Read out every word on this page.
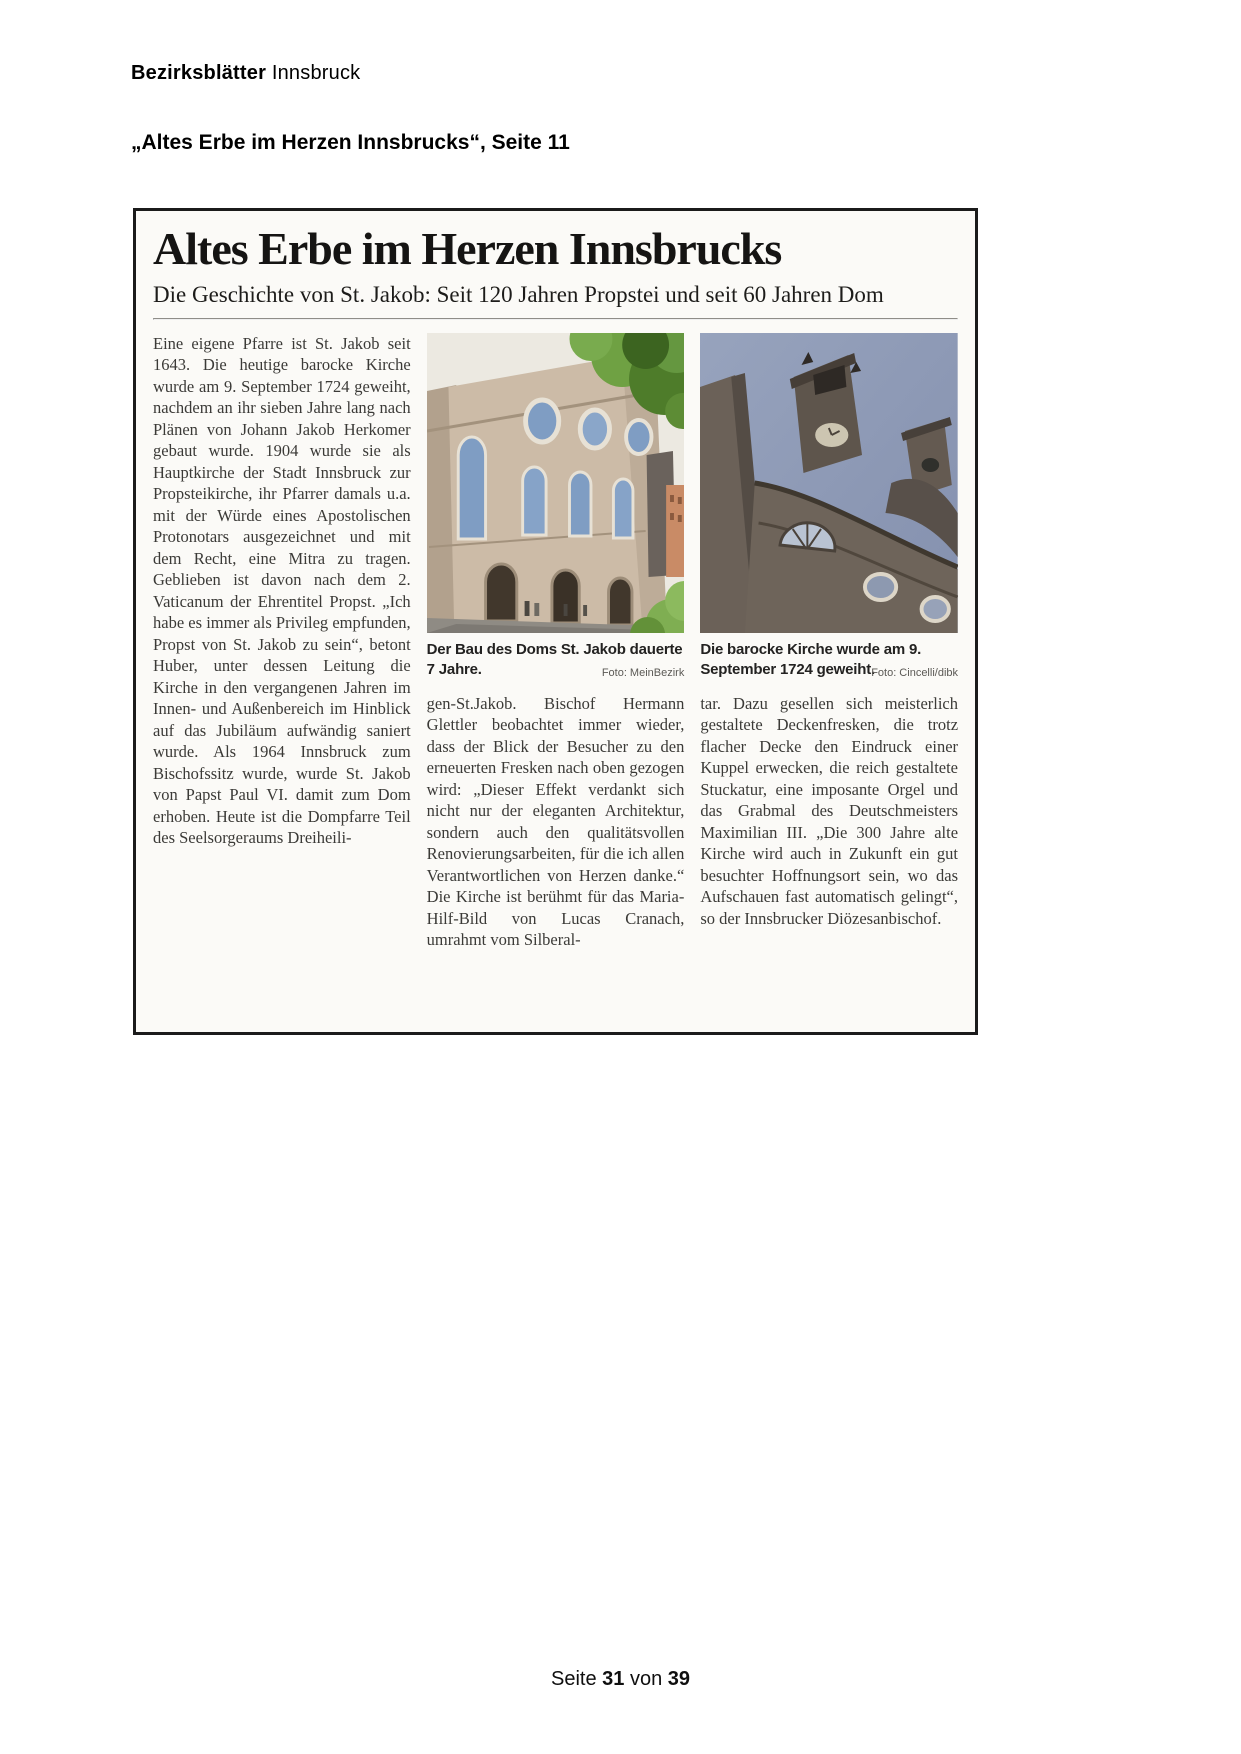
Bezirksblätter Innsbruck
„Altes Erbe im Herzen Innsbrucks“, Seite 11
Altes Erbe im Herzen Innsbrucks
Die Geschichte von St. Jakob: Seit 120 Jahren Propstei und seit 60 Jahren Dom
Eine eigene Pfarre ist St. Jakob seit 1643. Die heutige barocke Kirche wurde am 9. September 1724 geweiht, nachdem an ihr sieben Jahre lang nach Plänen von Johann Jakob Herkomer gebaut wurde. 1904 wurde sie als Hauptkirche der Stadt Innsbruck zur Propsteikirche, ihr Pfarrer damals u.a. mit der Würde eines Apostolischen Protonotars ausgezeichnet und mit dem Recht, eine Mitra zu tragen. Geblieben ist davon nach dem 2. Vaticanum der Ehrentitel Propst. „Ich habe es immer als Privileg empfunden, Propst von St. Jakob zu sein“, betont Huber, unter dessen Leitung die Kirche in den vergangenen Jahren im Innen- und Außenbereich im Hinblick auf das Jubiläum aufwändig saniert wurde. Als 1964 Innsbruck zum Bischofssitz wurde, wurde St. Jakob von Papst Paul VI. damit zum Dom erhoben. Heute ist die Dompfarre Teil des Seelsorgeraums Dreiheili-
Der Bau des Doms St. Jakob dauerte 7 Jahre.	Foto: MeinBezirk
gen-St.Jakob. Bischof Hermann Glettler beobachtet immer wieder, dass der Blick der Besucher zu den erneuerten Fresken nach oben gezogen wird: „Dieser Effekt verdankt sich nicht nur der eleganten Architektur, sondern auch den qualitätsvollen Renovierungsarbeiten, für die ich allen Verantwortlichen von Herzen danke.“ Die Kirche ist berühmt für das Maria-Hilf-Bild von Lucas Cranach, umrahmt vom Silberal-
Die barocke Kirche wurde am 9. September 1724 geweiht.
Foto: Cincelli/dibk
tar. Dazu gesellen sich meisterlich gestaltete Deckenfresken, die trotz flacher Decke den Eindruck einer Kuppel erwecken, die reich gestaltete Stuckatur, eine imposante Orgel und das Grabmal des Deutschmeisters Maximilian III. „Die 300 Jahre alte Kirche wird auch in Zukunft ein gut besuchter Hoffnungsort sein, wo das Aufschauen fast automatisch gelingt“, so der Innsbrucker Diözesanbischof.
Seite 31 von 39
